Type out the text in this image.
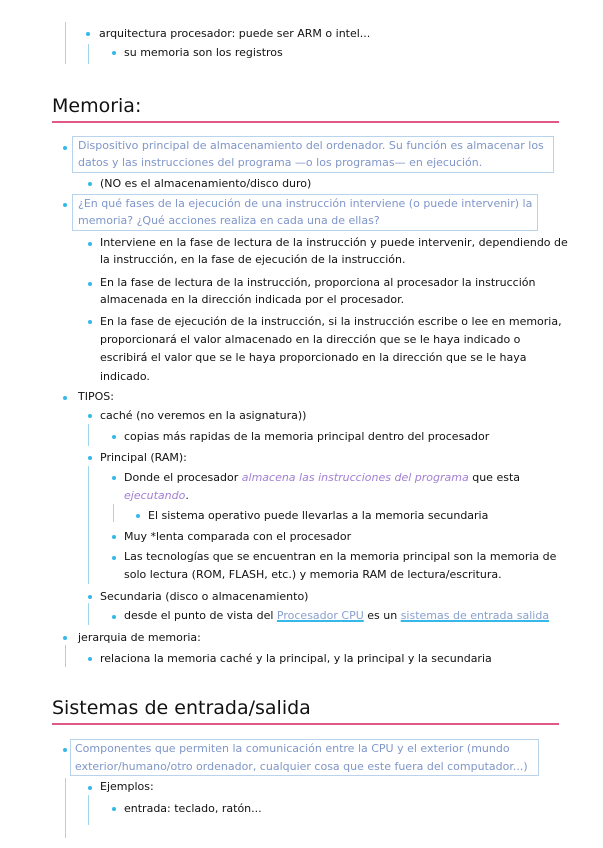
arquitectura procesador: puede ser ARM o intel...
su memoria son los registros
Memoria:
Dispositivo principal de almacenamiento del ordenador. Su función es almacenar los
datos y las instrucciones del programa —o los programas— en ejecución.
(NO es el almacenamiento/disco duro)
¿En qué fases de la ejecución de una instrucción interviene (o puede intervenir) la
memoria? ¿Qué acciones realiza en cada una de ellas?
Interviene en la fase de lectura de la instrucción y puede intervenir, dependiendo de
la instrucción, en la fase de ejecución de la instrucción.
En la fase de lectura de la instrucción, proporciona al procesador la instrucción
almacenada en la dirección indicada por el procesador.
En la fase de ejecución de la instrucción, si la instrucción escribe o lee en memoria,
proporcionará el valor almacenado en la dirección que se le haya indicado o
escribirá el valor que se le haya proporcionado en la dirección que se le haya
indicado.
TIPOS:
caché (no veremos en la asignatura))
copias más rapidas de la memoria principal dentro del procesador
Principal (RAM):
Donde el procesador almacena las instrucciones del programa que esta
ejecutando.
El sistema operativo puede llevarlas a la memoria secundaria
Muy *lenta comparada con el procesador
Las tecnologías que se encuentran en la memoria principal son la memoria de
solo lectura (ROM, FLASH, etc.) y memoria RAM de lectura/escritura.
Secundaria (disco o almacenamiento)
desde el punto de vista del Procesador CPU es un sistemas de entrada salida
jerarquia de memoria:
relaciona la memoria caché y la principal, y la principal y la secundaria
Sistemas de entrada/salida
Componentes que permiten la comunicación entre la CPU y el exterior (mundo
exterior/humano/otro ordenador, cualquier cosa que este fuera del computador...)
Ejemplos:
entrada: teclado, ratón...
